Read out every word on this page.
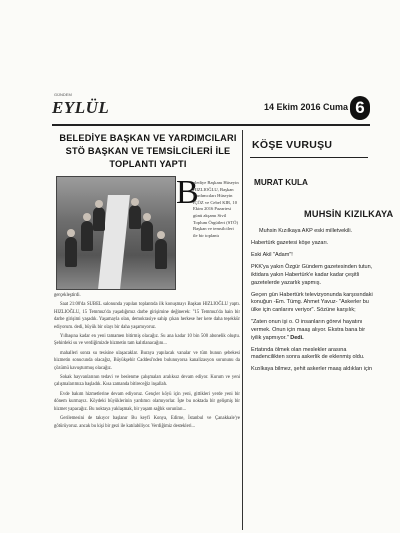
GÜNDEM
EYLÜL	14 Ekim 2016 Cuma 6
BELEDİYE BAŞKAN VE YARDIMCILARI STÖ BAŞKAN VE TEMSİLCİLERİ İLE TOPLANTI YAPTI
B
elediye Başkanı Hüseyin HIZLIOĞLU, Başkan Yardımcıları Hüseyin İÇÖZ ve Cebel KIR, 10 Ekim 2016 Pazartesi günü akşamı Sivil Toplum Örgütleri (STÖ) Başkan ve temsilcileri ile bir toplantı

gerçekleştirdi.

Saat 21:00'da SUBEL salonunda yapılan toplantıda ilk konuşmayı Başkan HIZLIOĞLU yaptı. HIZLIOĞLU, 15 Temmuz'da yaşadığımız darbe girişimine değinerek: "15 Temmuz'da hain bir darbe girişimi yaşadık. Yaşamayla olan, demokrasiye sahip çıkan herkese her kere daha teşekkür ediyorum. dedi, büyük bir olayı bir daha yaşamıyoruz.

Yılbaşına kadar en yeni tamamen bitirmiş olacağız. Su ana kadar 10 bin 500 abonelik oluştu. Şehirdeki su ve verdiğimizde hizmetin tam kalıtlanacağını...

mahalleri sonra su tesisine ulaşacaklar. Buraya yapılacak vanalar ve tüm bunun şebekesi hizmetin sonucunda olacağız, Büyükşehir Caddesi'nden bulunuyorsa kanalizasyon sorununu da çözümü kavuşturmuş olacağız.

Sokak hayvanlarının tedavi ve beslenme çalışmaları aralıksız devam ediyor. Kurum ve yeni çalışmalarımıza başladık. Kısa zamanda bitireceğiz inşallah.

Evde bakım hizmetlerine devam ediyoruz. Gençler köyü için yeni, gittikleri yerde yeni bir dönem kurmayız. Köydeki büyüklerinin yardımcı olamıyorlar. İşte bu noktada bir gelişmiş bir hizmet yapacağız. Bu noktaya yaklaşmak, bir yaşam sağlık sorunları...

Gerilemesini de takıyor başlanır Bu keyfi Konya, Edirne, İstanbul ve Çanakkale'ye götürüyoruz. ancak bu kişi bir gezi ile katılabiliyor. Verdiğimiz destekleri...

KÖŞE VURUŞU
MURAT KULA
MUHSİN KIZILKAYA

Muhsin Kızılkaya AKP eski milletvekili.

Habertürk gazetesi köşe yazarı.

Eski Akil "Adam"!

PKK'ya yakın Özgür Gündem gazetesinden tutun, iktidara yakın Habertürk'e kadar kadar çeşitli gazetelerde yazarlık yapmış.

Geçen gün Habertürk televizyonunda karşısındaki konuğun -Em. Tümg. Ahmet Yavuz- "Askerler bu ülke için canlarını veriyor". Sözüne karşılık;

"Zaten onun işi o. O insanların görevi hayatını vermek. Onun için maaş alıyor. Ekstra bana bir iyilik yapmıyor." Dedi.

Ertatında ölmek olan meslekler arasına madencilikten sonra askerlik de eklenmiş oldu.

Kızılkaya bilmez, şehit askerler maaş aldıkları için
